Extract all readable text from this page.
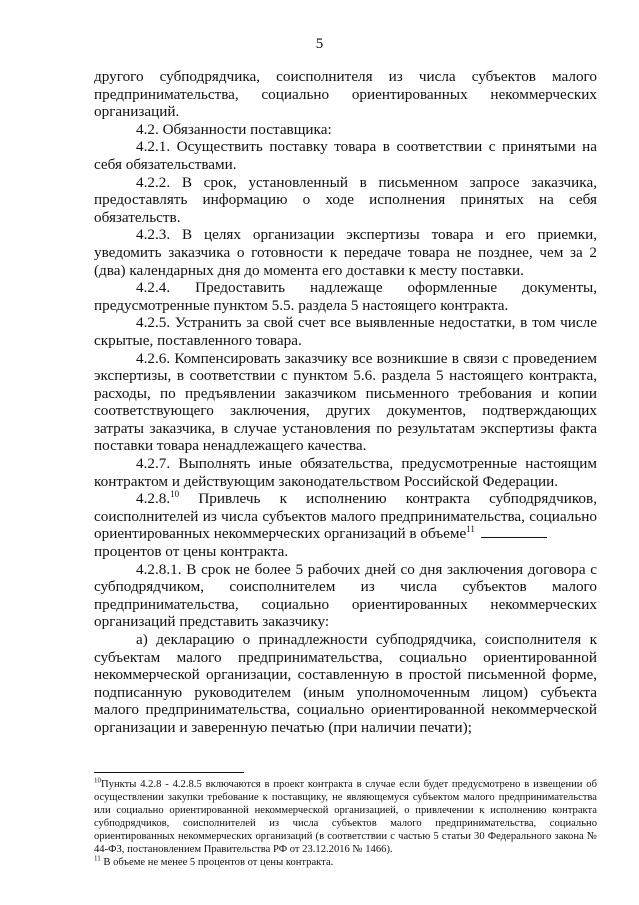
5

другого субподрядчика, соисполнителя из числа субъектов малого предпринимательства, социально ориентированных некоммерческих организаций.

4.2. Обязанности поставщика:

4.2.1. Осуществить поставку товара в соответствии с принятыми на себя обязательствами.

4.2.2. В срок, установленный в письменном запросе заказчика, предоставлять информацию о ходе исполнения принятых на себя обязательств.

4.2.3. В целях организации экспертизы товара и его приемки, уведомить заказчика о готовности к передаче товара не позднее, чем за 2 (два) календарных дня до момента его доставки к месту поставки.

4.2.4. Предоставить надлежаще оформленные документы, предусмотренные пунктом 5.5. раздела 5 настоящего контракта.

4.2.5. Устранить за свой счет все выявленные недостатки, в том числе скрытые, поставленного товара.

4.2.6. Компенсировать заказчику все возникшие в связи с проведением экспертизы, в соответствии с пунктом 5.6. раздела 5 настоящего контракта, расходы, по предъявлении заказчиком письменного требования и копии соответствующего заключения, других документов, подтверждающих затраты заказчика, в случае установления по результатам экспертизы факта поставки товара ненадлежащего качества.

4.2.7. Выполнять иные обязательства, предусмотренные настоящим контрактом и действующим законодательством Российской Федерации.

4.2.8.10 Привлечь к исполнению контракта субподрядчиков, соисполнителей из числа субъектов малого предпринимательства, социально ориентированных некоммерческих организаций в объеме$^{11}$

процентов от цены контракта.

4.2.8.1. В срок не более 5 рабочих дней со дня заключения договора с субподрядчиком, соисполнителем из числа субъектов малого предпринимательства, социально ориентированных некоммерческих организаций представить заказчику:

а) декларацию о принадлежности субподрядчика, соисполнителя к субъектам малого предпринимательства, социально ориентированной некоммерческой организации, составленную в простой письменной форме, подписанную руководителем (иным уполномоченным лицом) субъекта малого предпринимательства, социально ориентированной некоммерческой организации и заверенную печатью (при наличии печати);

$^{10}$Пункты 4.2.8 - 4.2.8.5 включаются в проект контракта в случае если будет предусмотрено в извещении об осуществлении закупки требование к поставщику, не являющемуся субъектом малого предпринимательства или социально ориентированной некоммерческой организацией, о привлечении к исполнению контракта субподрядчиков, соисполнителей из числа субъектов малого предпринимательства, социально ориентированных некоммерческих организаций (в соответствии с частью 5 статьи 30 Федерального закона № 44-ФЗ, постановлением Правительства РФ от 23.12.2016 № 1466).

$^{11}$ В объеме не менее 5 процентов от цены контракта.
